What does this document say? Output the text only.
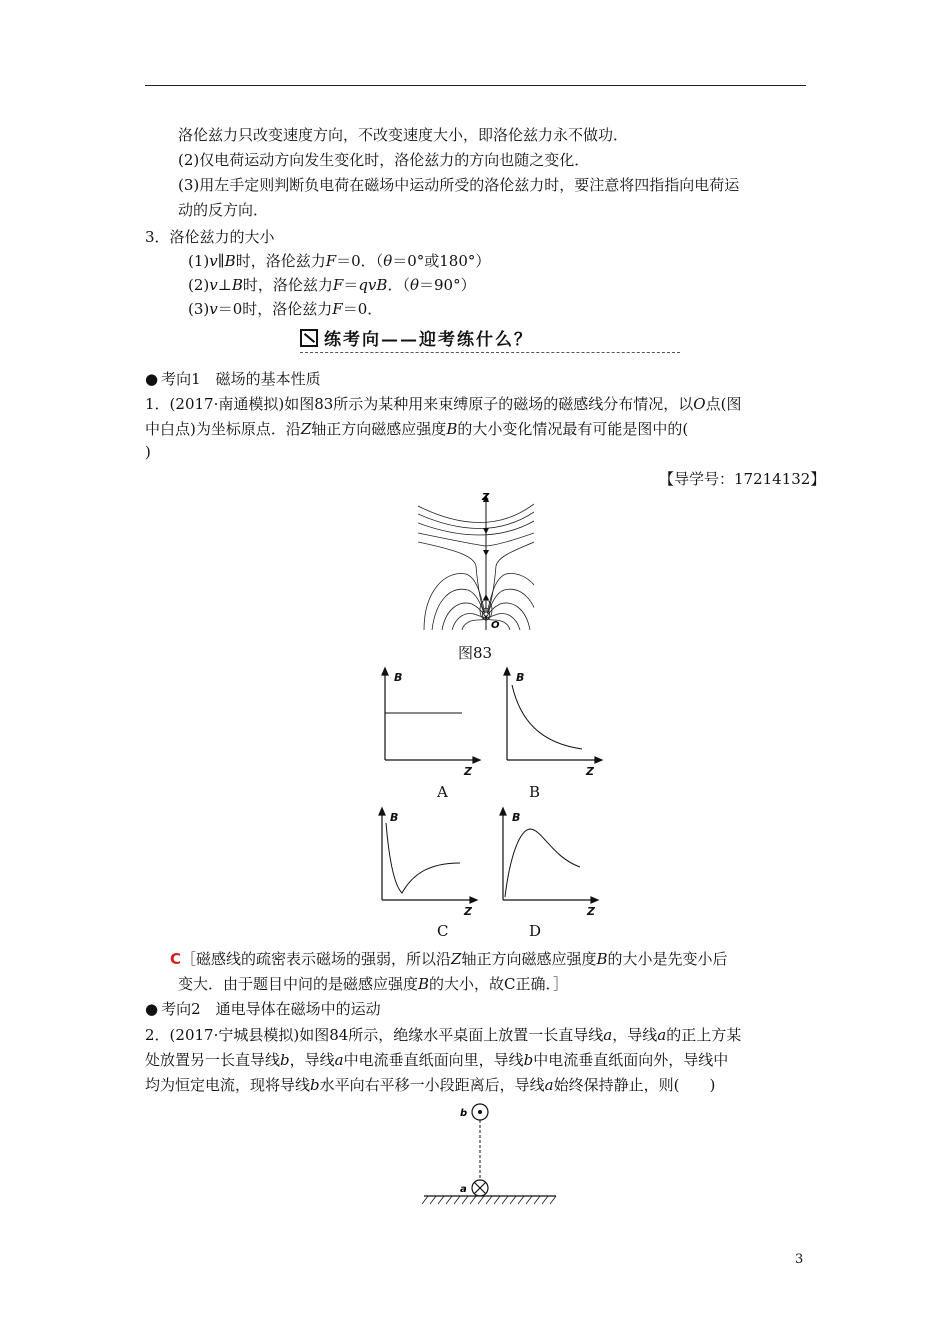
洛伦兹力只改变速度方向，不改变速度大小，即洛伦兹力永不做功．
(2)仅电荷运动方向发生变化时，洛伦兹力的方向也随之变化．
(3)用左手定则判断负电荷在磁场中运动所受的洛伦兹力时，要注意将四指指向电荷运
动的反方向．
3．洛伦兹力的大小
(1)v∥B时，洛伦兹力F＝0．（θ＝0°或180°）
(2)v⊥B时，洛伦兹力F＝qvB．（θ＝90°）
(3)v＝0时，洛伦兹力F＝0．
练考向——迎考练什么？
● 考向1　磁场的基本性质
1．(2017·南通模拟)如图83所示为某种用来束缚原子的磁场的磁感线分布情况，以O点(图
中白点)为坐标原点．沿Z轴正方向磁感应强度B的大小变化情况最有可能是图中的(
)
【导学号：17214132】
Z
O
图83
B
Z
B
Z
B
Z
B
Z
A	B
C	D
C［磁感线的疏密表示磁场的强弱，所以沿Z轴正方向磁感应强度B的大小是先变小后
变大．由于题目中问的是磁感应强度B的大小，故C正确．］
● 考向2　通电导体在磁场中的运动
2．(2017·宁城县模拟)如图84所示，绝缘水平桌面上放置一长直导线a，导线a的正上方某
处放置另一长直导线b，导线a中电流垂直纸面向里，导线b中电流垂直纸面向外，导线中
均为恒定电流，现将导线b水平向右平移一小段距离后，导线a始终保持静止，则(　　)
b
a
3
